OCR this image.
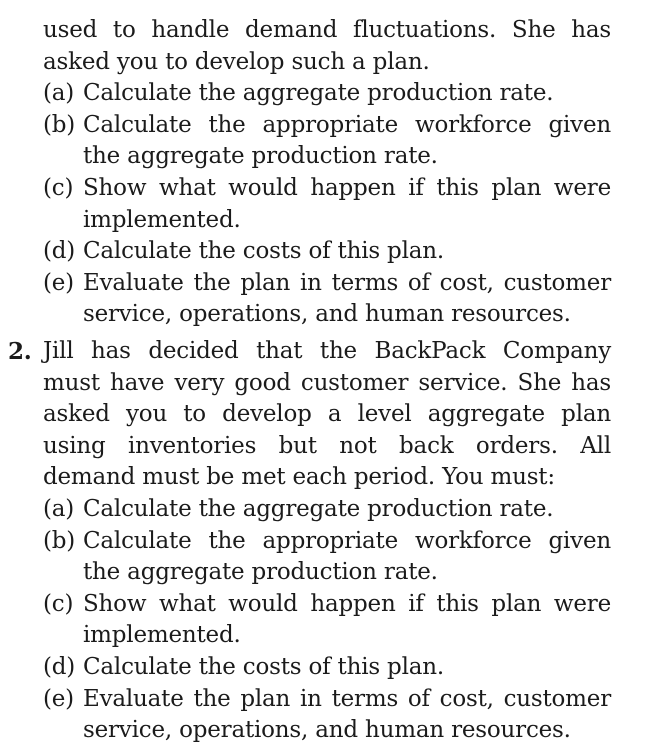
used to handle demand fluctuations. She has asked you to develop such a plan.
(a) Calculate the aggregate production rate.
(b) Calculate the appropriate workforce given the aggregate production rate.
(c) Show what would happen if this plan were implemented.
(d) Calculate the costs of this plan.
(e) Evaluate the plan in terms of cost, customer service, operations, and human resources.
2. Jill has decided that the BackPack Company must have very good customer service. She has asked you to develop a level aggregate plan using inventories but not back orders. All demand must be met each period. You must:
(a) Calculate the aggregate production rate.
(b) Calculate the appropriate workforce given the aggregate production rate.
(c) Show what would happen if this plan were implemented.
(d) Calculate the costs of this plan.
(e) Evaluate the plan in terms of cost, customer service, operations, and human resources.
